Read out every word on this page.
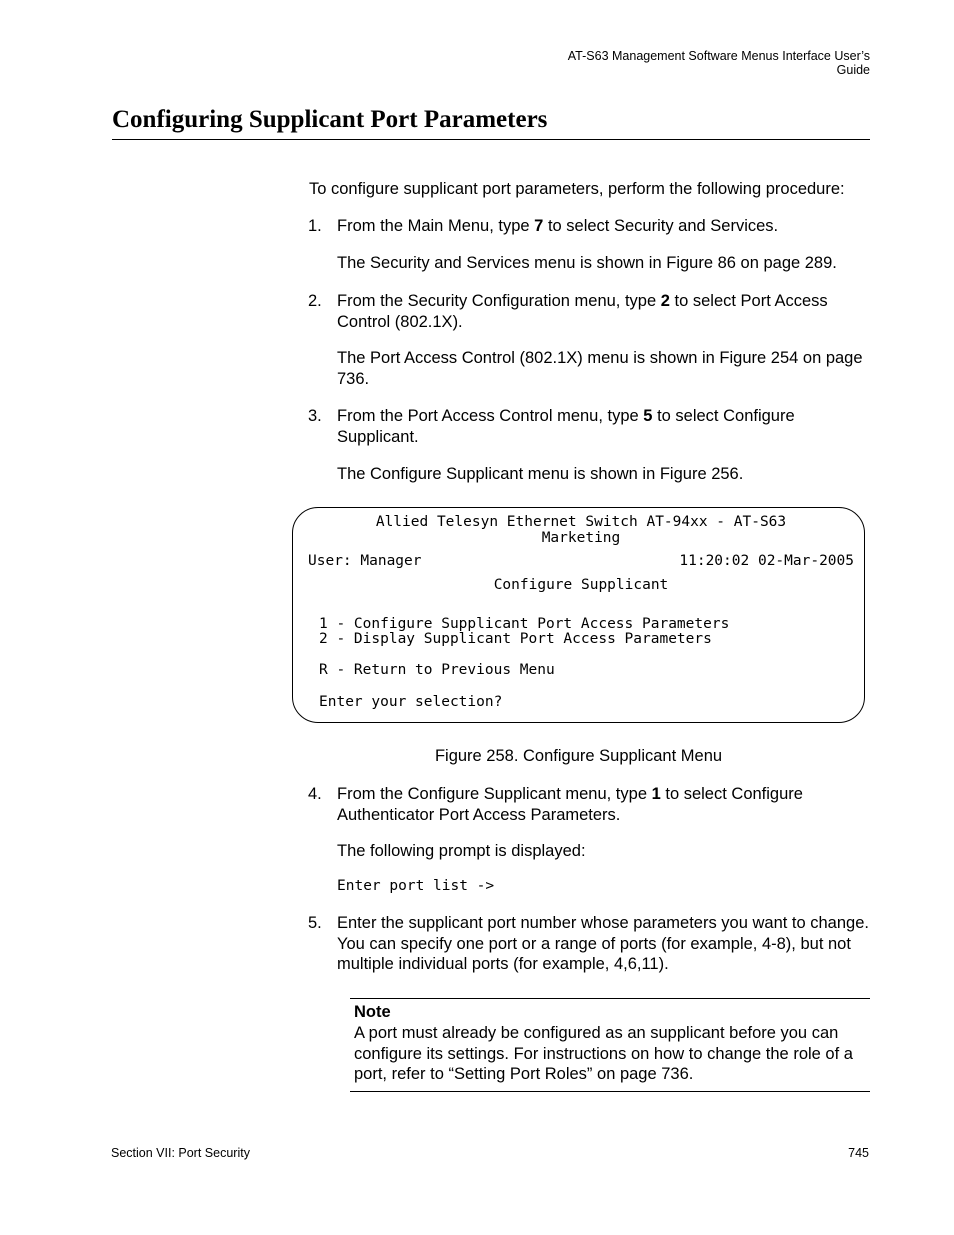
AT-S63 Management Software Menus Interface User’s Guide
Configuring Supplicant Port Parameters
To configure supplicant port parameters, perform the following procedure:
1. From the Main Menu, type 7 to select Security and Services.
The Security and Services menu is shown in Figure 86 on page 289.
2. From the Security Configuration menu, type 2 to select Port Access Control (802.1X).
The Port Access Control (802.1X) menu is shown in Figure 254 on page 736.
3. From the Port Access Control menu, type 5 to select Configure Supplicant.
The Configure Supplicant menu is shown in Figure 256.
Allied Telesyn Ethernet Switch AT-94xx - AT-S63
Marketing
User: Manager	11:20:02 02-Mar-2005
Configure Supplicant
1 - Configure Supplicant Port Access Parameters
2 - Display Supplicant Port Access Parameters
R - Return to Previous Menu
Enter your selection?
Figure 258. Configure Supplicant Menu
4. From the Configure Supplicant menu, type 1 to select Configure Authenticator Port Access Parameters.
The following prompt is displayed:
Enter port list ->
5. Enter the supplicant port number whose parameters you want to change. You can specify one port or a range of ports (for example, 4-8), but not multiple individual ports (for example, 4,6,11).
Note
A port must already be configured as an supplicant before you can configure its settings. For instructions on how to change the role of a port, refer to “Setting Port Roles” on page 736.
Section VII: Port Security	745
